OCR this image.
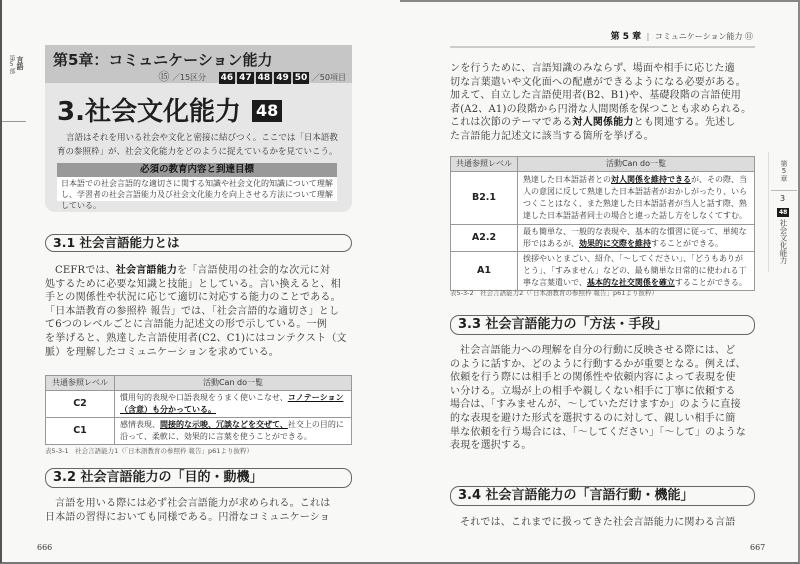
第5部 言語 第5章：コミュニケーション能力
⑮ ／15区分 46 47 48 49 50 ／50項目
3.社会文化能力 48
言語はそれを用いる社会や文化と密接に結びつく。ここでは「日本語教育の参照枠」が、社会文化能力をどのように捉えているかを見ていこう。
必須の教育内容と到達目標
日本語での社会言語的な適切さに関する知識や社会文化的知識について理解し、学習者の社会言語能力及び社会文化能力を向上させる方法について理解している。
3.1 社会言語能力とは
CEFRでは、社会言語能力を「言語使用の社会的な次元に対
処するために必要な知識と技能」としている。言い換えると、相
手との関係性や状況に応じて適切に対応する能力のことである。
「日本語教育の参照枠 報告」では、「社会言語的な適切さ」とし
て6つのレベルごとに言語能力記述文の形で示している。一例
を挙げると、熟達した言語使用者(C2、C1)にはコンテクスト（文
脈）を理解したコミュニケーションを求めている。
共通参照レベル	活動Can do一覧
C2	慣用句的表現や口語表現をうまく使いこなせ、コノテーション（含意）も分かっている。
C1	感情表現、間接的な示唆、冗談などを交ぜて、社交上の目的に沿って、柔軟に、効果的に言葉を使うことができる。
表5-3-1　社会言語能力1（「日本語教育の参照枠 報告」p61より抜粋）
3.2 社会言語能力の「目的・動機」
言語を用いる際には必ず社会言語能力が求められる。これは
日本語の習得においても同様である。円滑なコミュニケーショ
666
第 5 章 | コミュニケーション能力 ⑪
第5章
3
48
社会文化能力
ンを行うために、言語知識のみならず、場面や相手に応じた適
切な言葉遣いや文化面への配慮ができるようになる必要がある。
加えて、自立した言語使用者(B2、B1)や、基礎段階の言語使用
者(A2、A1)の段階から円滑な人間関係を保つことも求められる。
これは次節のテーマである対人関係能力とも関連する。先述し
た言語能力記述文に該当する箇所を挙げる。
共通参照レベル	活動Can do一覧
B2.1	熟達した日本語話者との対人関係を維持できるが、その際、当人の意図に反して熟達した日本語話者がおかしがったり、いらつくことはなく、また熟達した日本語話者が当人と話す際、熟達した日本語話者同士の場合と違った話し方をしなくてすむ。
A2.2	最も簡単な、一般的な表現や、基本的な慣習に従って、単純な形ではあるが、効果的に交際を維持することができる。
A1	挨拶やいとまごい、紹介、「～してください」、「どうもありがとう」、「すみません」などの、最も簡単な日常的に使われる丁寧な言葉遣いで、基本的な社交関係を確立することができる。
表5-3-2　社会言語能力2（「日本語教育の参照枠 報告」p61より抜粋）
3.3 社会言語能力の「方法・手段」
社会言語能力への理解を自分の行動に反映させる際には、ど
のように話すか、どのように行動するかが重要となる。例えば、
依頼を行う際には相手との関係性や依頼内容によって表現を使
い分ける。立場が上の相手や親しくない相手に丁寧に依頼する
場合は、「すみませんが、～していただけますか」のように直接
的な表現を避けた形式を選択するのに対して、親しい相手に簡
単な依頼を行う場合には、「～してください」「～して」のような
表現を選択する。
3.4 社会言語能力の「言語行動・機能」
それでは、これまでに扱ってきた社会言語能力に関わる言語
667
